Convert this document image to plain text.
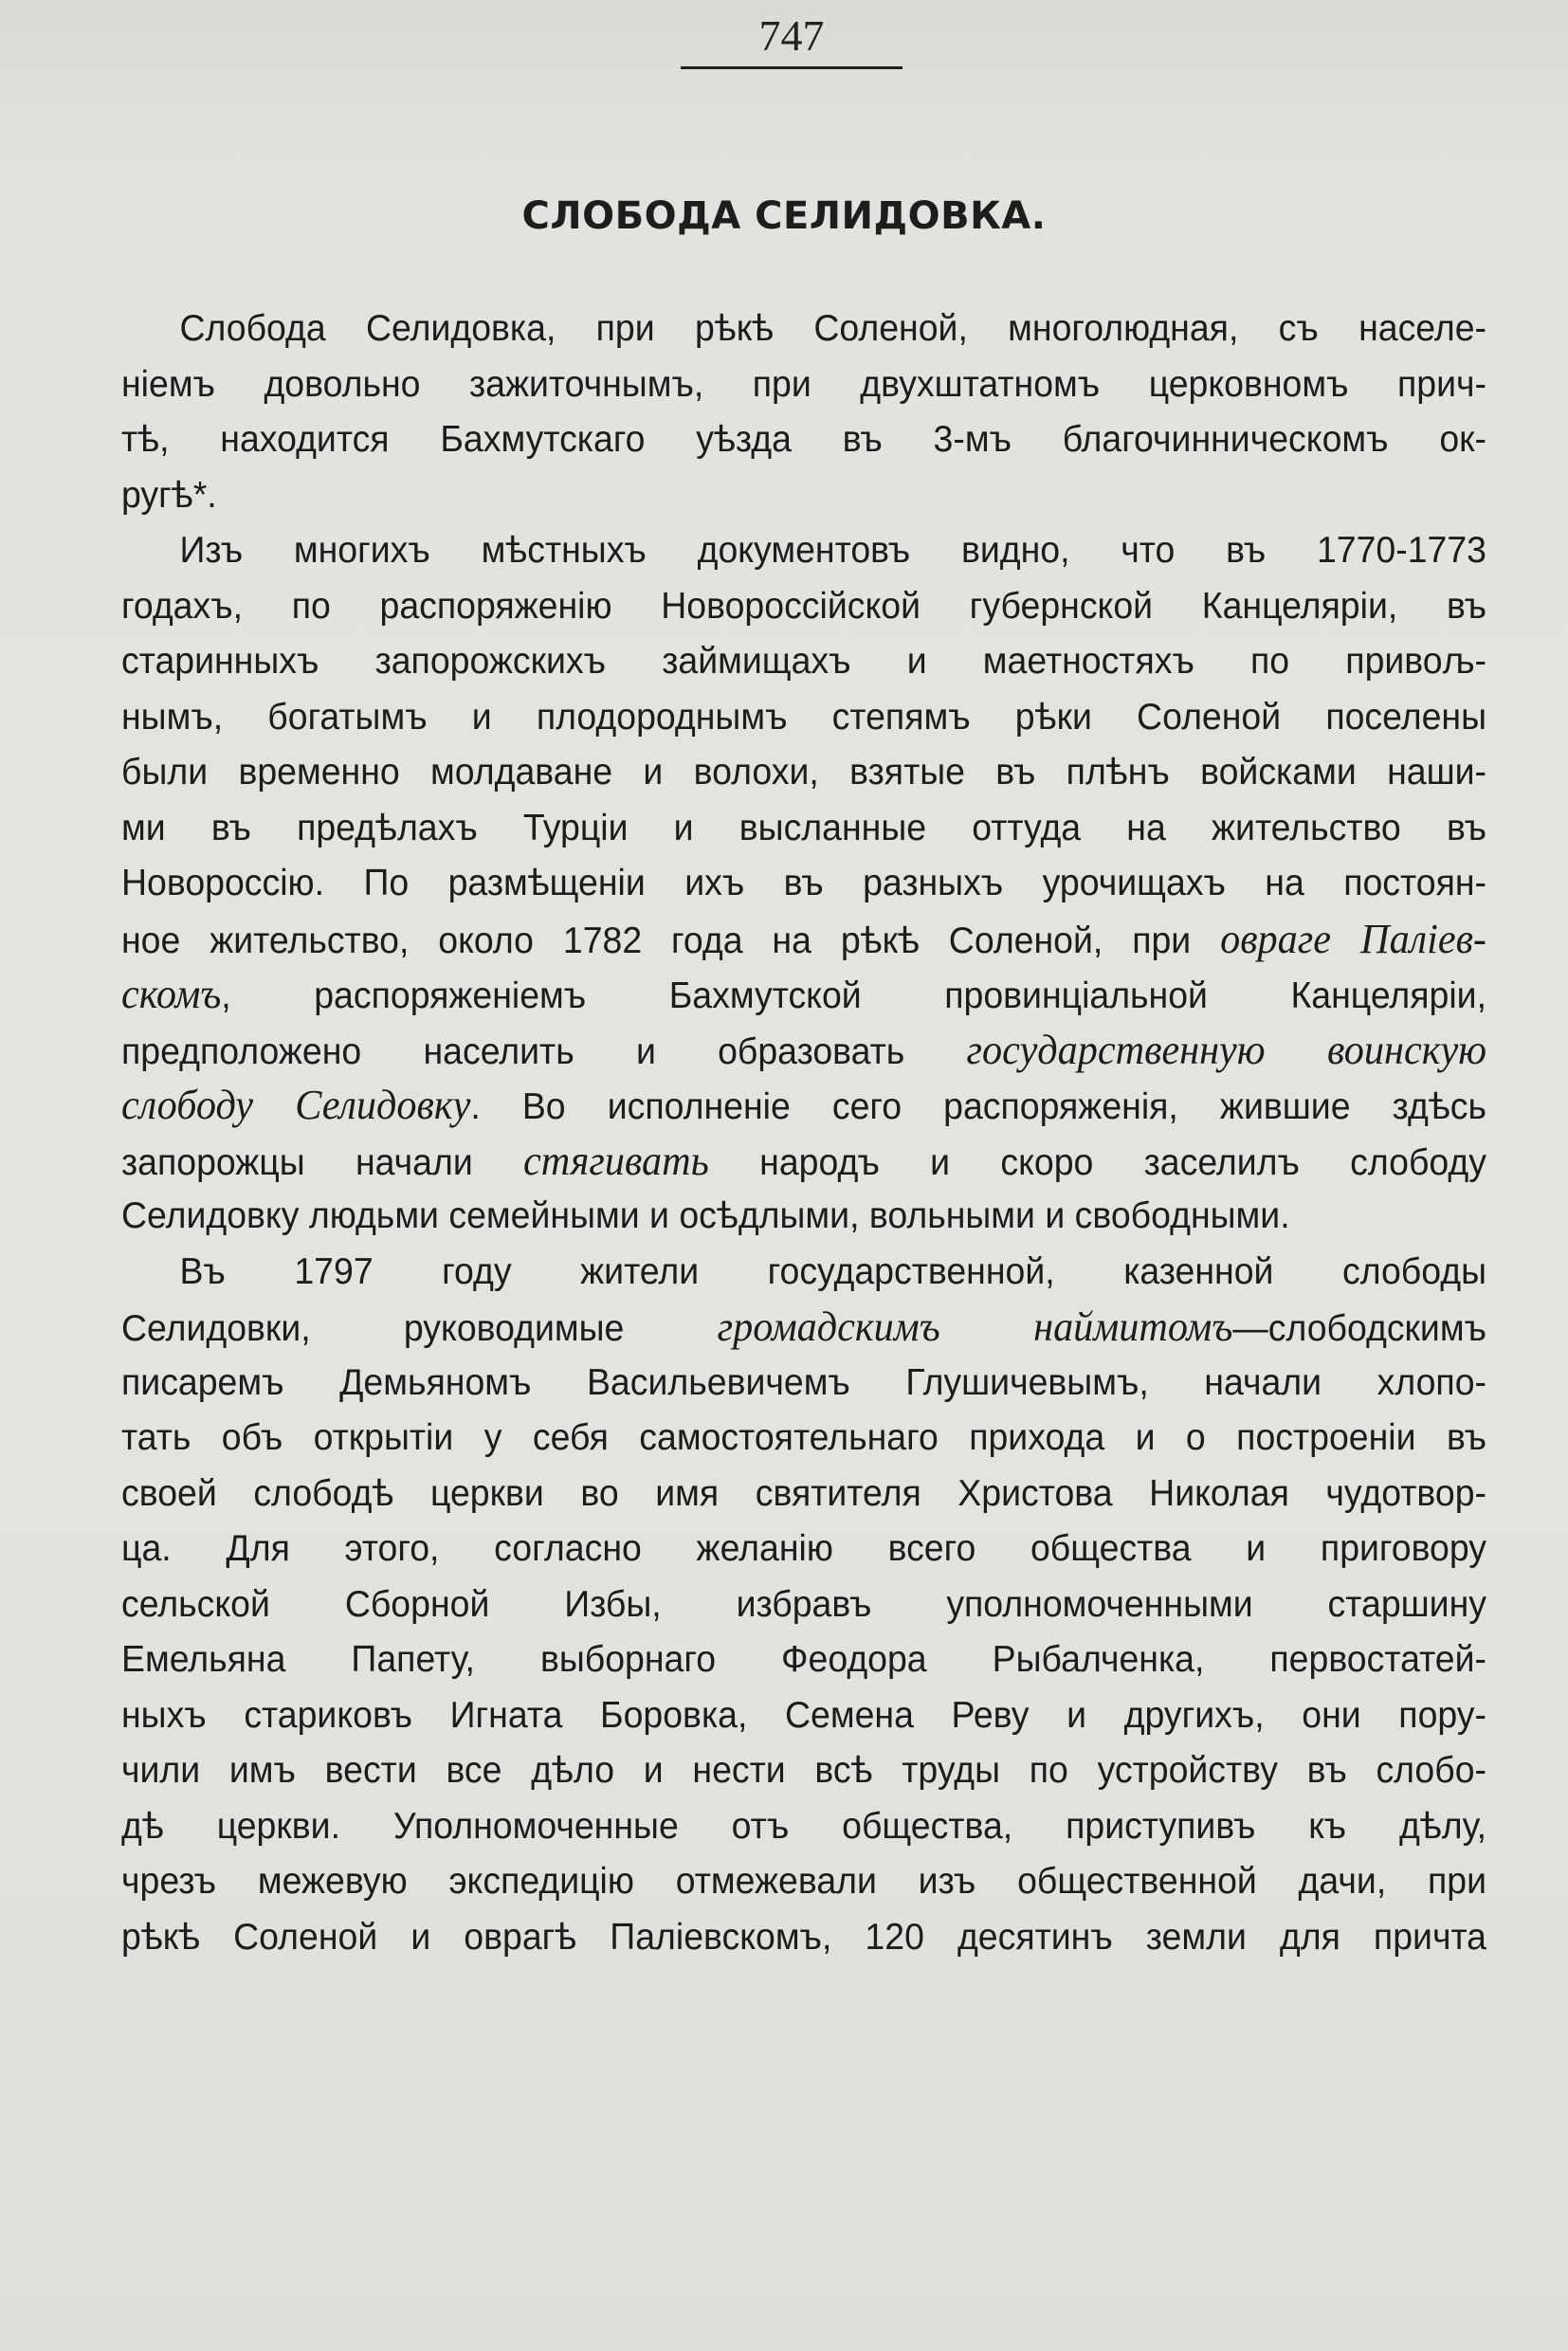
747
СЛОБОДА СЕЛИДОВКА.
Слобода Селидовка, при рѣкѣ Соленой, многолюдная, съ населе-
ніемъ довольно зажиточнымъ, при двухштатномъ церковномъ прич-
тѣ, находится Бахмутскаго уѣзда въ 3-мъ благочинническомъ ок-
ругѣ*.
Изъ многихъ мѣстныхъ документовъ видно, что въ 1770-1773
годахъ, по распоряженію Новороссійской губернской Канцеляріи, въ
старинныхъ запорожскихъ займищахъ и маетностяхъ по привољ-
нымъ, богатымъ и плодороднымъ степямъ рѣки Соленой поселены
были временно молдаване и волохи, взятые въ плѣнъ войсками наши-
ми въ предѣлахъ Турціи и высланные оттуда на жительство въ
Новороссію. По размѣщеніи ихъ въ разныхъ урочищахъ на постоян-
ное жительство, около 1782 года на рѣкѣ Соленой, при овраге Паліев-
скомъ, распоряженіемъ Бахмутской провинціальной Канцеляріи,
предположено населить и образовать государственную воинскую
слободу Селидовку. Во исполненіе сего распоряженія, жившие здѣсь
запорожцы начали стягивать народъ и скоро заселилъ слободу
Селидовку людьми семейными и осѣдлыми, вольными и свободными.
Въ 1797 году жители государственной, казенной слободы
Селидовки, руководимые громадскимъ наймитомъ—слободскимъ
писаремъ Демьяномъ Васильевичемъ Глушичевымъ, начали хлопо-
тать объ открытіи у себя самостоятельнаго прихода и о построеніи въ
своей слободѣ церкви во имя святителя Христова Николая чудотвор-
ца. Для этого, согласно желанію всего общества и приговору
сельской Сборной Избы, избравъ уполномоченными старшину
Емельяна Папету, выборнаго Феодора Рыбалченка, первостатей-
ныхъ стариковъ Игната Боровка, Семена Реву и другихъ, они пору-
чили имъ вести все дѣло и нести всѣ труды по устройству въ слобо-
дѣ церкви. Уполномоченные отъ общества, приступивъ къ дѣлу,
чрезъ межевую экспедицію отмежевали изъ общественной дачи, при
рѣкѣ Соленой и оврагѣ Паліевскомъ, 120 десятинъ земли для причта
